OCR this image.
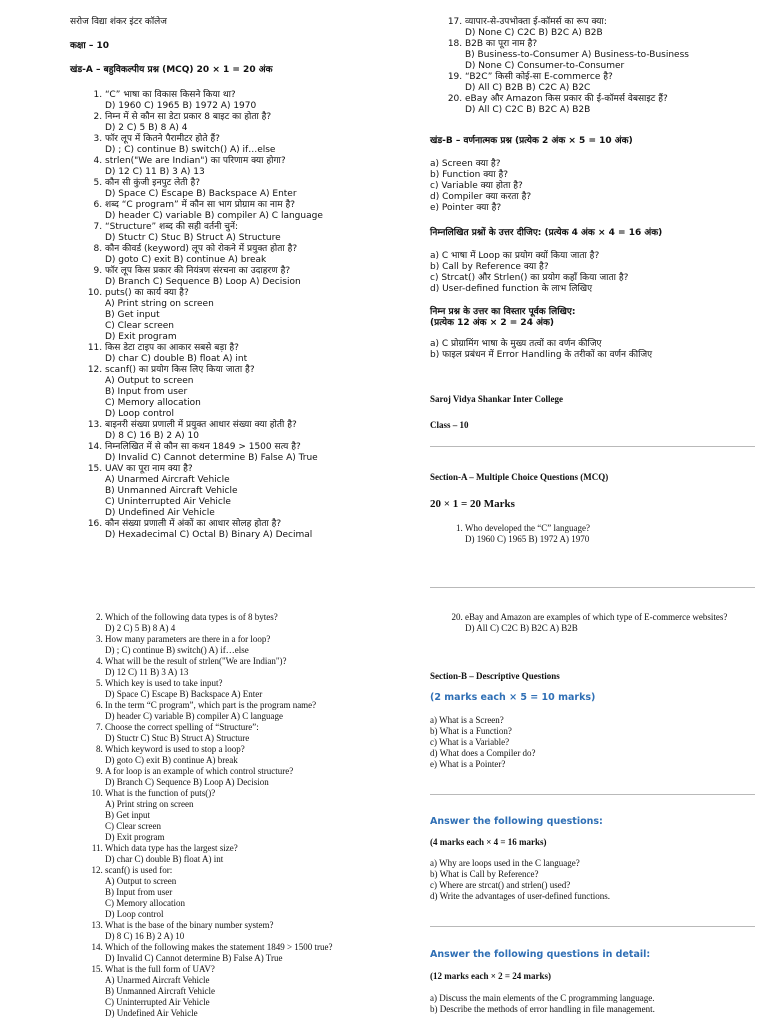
सरोज विद्या शंकर इंटर कॉलेज
कक्षा – 10
खंड-A – बहुविकल्पीय प्रश्न (MCQ) 20 × 1 = 20 अंक
1. “C” भाषा का विकास किसने किया था?
D) 1960 C) 1965 B) 1972 A) 1970
2. निम्न में से कौन सा डेटा प्रकार 8 बाइट का होता है?
D) 2 C) 5 B) 8 A) 4
3. फॉर लूप में कितने पैरामीटर होते हैं?
D) ; C) continue B) switch() A) if…else
4. strlen("We are Indian") का परिणाम क्या होगा?
D) 12 C) 11 B) 3 A) 13
5. कौन सी कुंजी इनपुट लेती है?
D) Space C) Escape B) Backspace A) Enter
6. शब्द “C program” में कौन सा भाग प्रोग्राम का नाम है?
D) header C) variable B) compiler A) C language
7. “Structure” शब्द की सही वर्तनी चुनें:
D) Stuctr C) Stuc B) Struct A) Structure
8. कौन कीवर्ड (keyword) लूप को रोकने में प्रयुक्त होता है?
D) goto C) exit B) continue A) break
9. फॉर लूप किस प्रकार की नियंत्रण संरचना का उदाहरण है?
D) Branch C) Sequence B) Loop A) Decision
10. puts() का कार्य क्या है?
A) Print string on screen
B) Get input
C) Clear screen
D) Exit program
11. किस डेटा टाइप का आकार सबसे बड़ा है?
D) char C) double B) float A) int
12. scanf() का प्रयोग किस लिए किया जाता है?
A) Output to screen
B) Input from user
C) Memory allocation
D) Loop control
13. बाइनरी संख्या प्रणाली में प्रयुक्त आधार संख्या क्या होती है?
D) 8 C) 16 B) 2 A) 10
14. निम्नलिखित में से कौन सा कथन 1849 > 1500 सत्य है?
D) Invalid C) Cannot determine B) False A) True
15. UAV का पूरा नाम क्या है?
A) Unarmed Aircraft Vehicle
B) Unmanned Aircraft Vehicle
C) Uninterrupted Air Vehicle
D) Undefined Air Vehicle
16. कौन संख्या प्रणाली में अंकों का आधार सोलह होता है?
D) Hexadecimal C) Octal B) Binary A) Decimal
17. व्यापार-से-उपभोक्ता ई-कॉमर्स का रूप क्या:
D) None C) C2C B) B2C A) B2B
18. B2B का पूरा नाम है?
B) Business-to-Consumer A) Business-to-Business
D) None C) Consumer-to-Consumer
19. “B2C” किसी कोई-सा E-commerce है?
D) All C) B2B B) C2C A) B2C
20. eBay और Amazon किस प्रकार की ई-कॉमर्स वेबसाइट हैं?
D) All C) C2C B) B2C A) B2B
खंड-B – वर्णनात्मक प्रश्न (प्रत्येक 2 अंक × 5 = 10 अंक)
a) Screen क्या है?
b) Function क्या है?
c) Variable क्या होता है?
d) Compiler क्या करता है?
e) Pointer क्या है?
निम्नलिखित प्रश्नों के उत्तर दीजिए: (प्रत्येक 4 अंक × 4 = 16 अंक)
a) C भाषा में Loop का प्रयोग क्यों किया जाता है?
b) Call by Reference क्या है?
c) Strcat() और Strlen() का प्रयोग कहाँ किया जाता है?
d) User-defined function के लाभ लिखिए
निम्न प्रश्न के उत्तर का विस्तार पूर्वक लिखिए:
(प्रत्येक 12 अंक × 2 = 24 अंक)
a) C प्रोग्रामिंग भाषा के मुख्य तत्वों का वर्णन कीजिए
b) फाइल प्रबंधन में Error Handling के तरीकों का वर्णन कीजिए
Saroj Vidya Shankar Inter College
Class – 10
Section-A – Multiple Choice Questions (MCQ)
20 × 1 = 20 Marks
1. Who developed the “C” language?
D) 1960 C) 1965 B) 1972 A) 1970
2. Which of the following data types is of 8 bytes?
D) 2 C) 5 B) 8 A) 4
3. How many parameters are there in a for loop?
D) ; C) continue B) switch() A) if…else
4. What will be the result of strlen("We are Indian")?
D) 12 C) 11 B) 3 A) 13
5. Which key is used to take input?
D) Space C) Escape B) Backspace A) Enter
6. In the term “C program”, which part is the program name?
D) header C) variable B) compiler A) C language
7. Choose the correct spelling of “Structure”:
D) Stuctr C) Stuc B) Struct A) Structure
8. Which keyword is used to stop a loop?
D) goto C) exit B) continue A) break
9. A for loop is an example of which control structure?
D) Branch C) Sequence B) Loop A) Decision
10. What is the function of puts()?
A) Print string on screen
B) Get input
C) Clear screen
D) Exit program
11. Which data type has the largest size?
D) char C) double B) float A) int
12. scanf() is used for:
A) Output to screen
B) Input from user
C) Memory allocation
D) Loop control
13. What is the base of the binary number system?
D) 8 C) 16 B) 2 A) 10
14. Which of the following makes the statement 1849 > 1500 true?
D) Invalid C) Cannot determine B) False A) True
15. What is the full form of UAV?
A) Unarmed Aircraft Vehicle
B) Unmanned Aircraft Vehicle
C) Uninterrupted Air Vehicle
D) Undefined Air Vehicle
20. eBay and Amazon are examples of which type of E-commerce websites?
D) All C) C2C B) B2C A) B2B
Section-B – Descriptive Questions
(2 marks each × 5 = 10 marks)
a) What is a Screen?
b) What is a Function?
c) What is a Variable?
d) What does a Compiler do?
e) What is a Pointer?
Answer the following questions:
(4 marks each × 4 = 16 marks)
a) Why are loops used in the C language?
b) What is Call by Reference?
c) Where are strcat() and strlen() used?
d) Write the advantages of user-defined functions.
Answer the following questions in detail:
(12 marks each × 2 = 24 marks)
a) Discuss the main elements of the C programming language.
b) Describe the methods of error handling in file management.
